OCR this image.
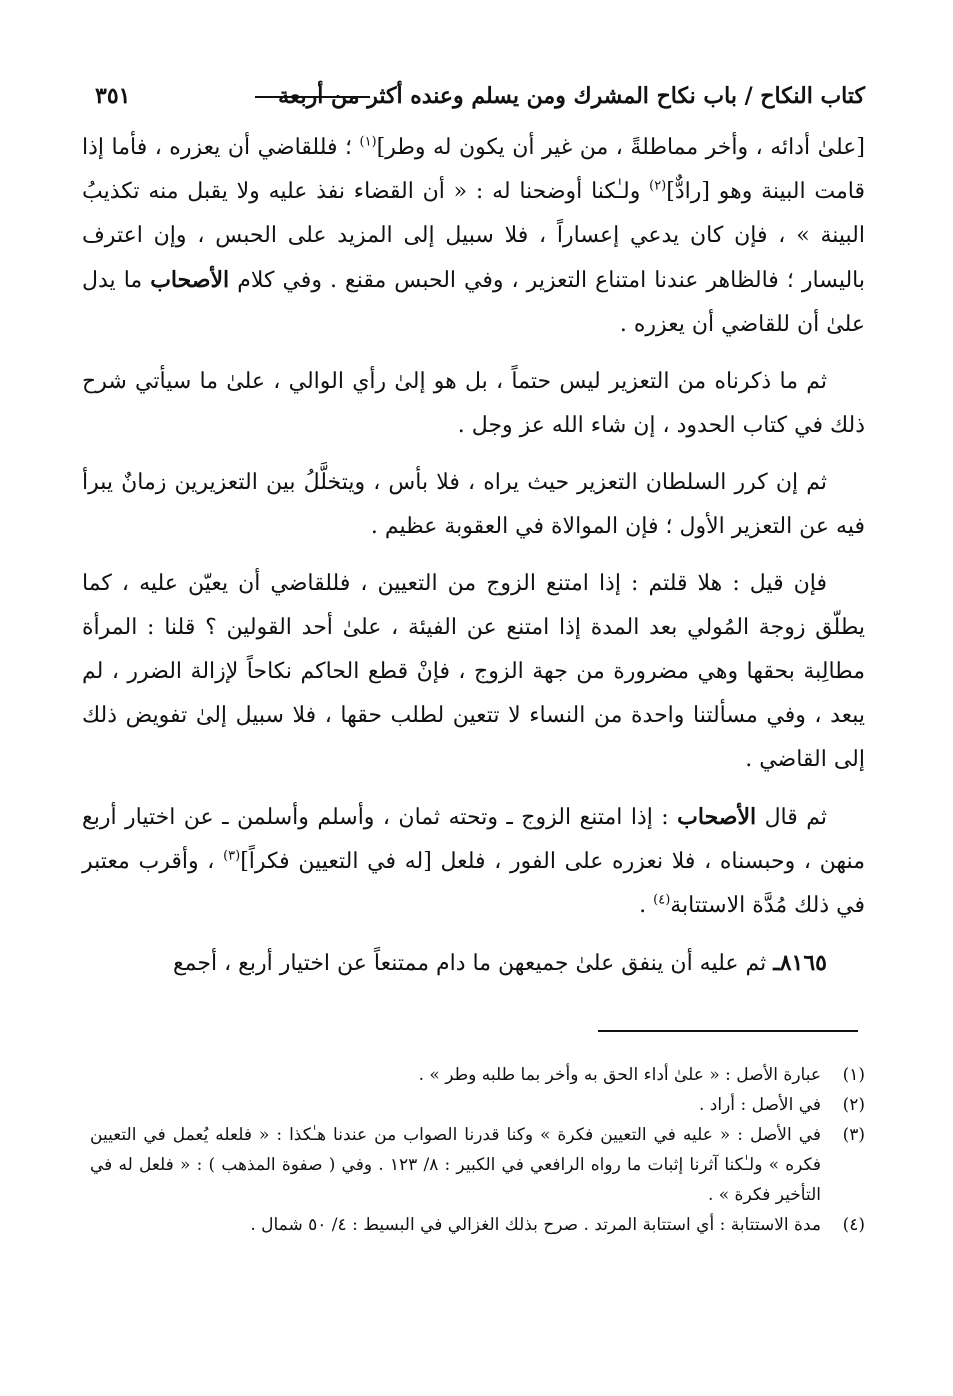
٣٥١	كتاب النكاح / باب نكاح المشرك ومن يسلم وعنده أكثر من أربعة

[علىٰ أدائه ، وأخر مماطلةً ، من غير أن يكون له وطر]$^{(١)}$ ؛ فللقاضي أن يعزره ، فأما إذا قامت البينة وهو [رادٌّ]$^{(٢)}$ ولـٰكنا أوضحنا له : « أن القضاء نفذ عليه ولا يقبل منه تكذيبُ البينة » ، فإن كان يدعي إعساراً ، فلا سبيل إلى المزيد على الحبس ، وإن اعترف باليسار ؛ فالظاهر عندنا امتناع التعزير ، وفي الحبس مقنع . وفي كلام الأصحاب ما يدل علىٰ أن للقاضي أن يعزره .

ثم ما ذكرناه من التعزير ليس حتماً ، بل هو إلىٰ رأي الوالي ، علىٰ ما سيأتي شرح ذلك في كتاب الحدود ، إن شاء الله عز وجل .

ثم إن كرر السلطان التعزير حيث يراه ، فلا بأس ، ويتخلَّلُ بين التعزيرين زمانٌ يبرأ فيه عن التعزير الأول ؛ فإن الموالاة في العقوبة عظيم .

فإن قيل : هلا قلتم : إذا امتنع الزوج من التعيين ، فللقاضي أن يعيّن عليه ، كما يطلّق زوجة المُولي بعد المدة إذا امتنع عن الفيئة ، علىٰ أحد القولين ؟ قلنا : المرأة مطالِبة بحقها وهي مضرورة من جهة الزوج ، فإنْ قطع الحاكم نكاحاً لإزالة الضرر ، لم يبعد ، وفي مسألتنا واحدة من النساء لا تتعين لطلب حقها ، فلا سبيل إلىٰ تفويض ذلك إلى القاضي .

ثم قال الأصحاب : إذا امتنع الزوج ـ وتحته ثمان ، وأسلم وأسلمن ـ عن اختيار أربع منهن ، وحبسناه ، فلا نعزره على الفور ، فلعل [له في التعيين فكراً]$^{(٣)}$ ، وأقرب معتبر في ذلك مُدَّة الاستتابة$^{(٤)}$ .

٨١٦٥ـ ثم عليه أن ينفق علىٰ جميعهن ما دام ممتنعاً عن اختيار أربع ، أجمع

(١)
عبارة الأصل : « علىٰ أداء الحق به وأخر بما طلبه وطر » .
(٢)
في الأصل : أراد .
(٣)
في الأصل : « عليه في التعيين فكرة » وكنا قدرنا الصواب من عندنا هـٰكذا : « فلعله يُعمل في التعيين فكره » ولـٰكنا آثرنا إثبات ما رواه الرافعي في الكبير : ٨/ ١٢٣ . وفي ( صفوة المذهب ) : « فلعل له في التأخير فكرة » .
(٤)
مدة الاستتابة : أي استتابة المرتد . صرح بذلك الغزالي في البسيط : ٤/ ٥٠ شمال .
